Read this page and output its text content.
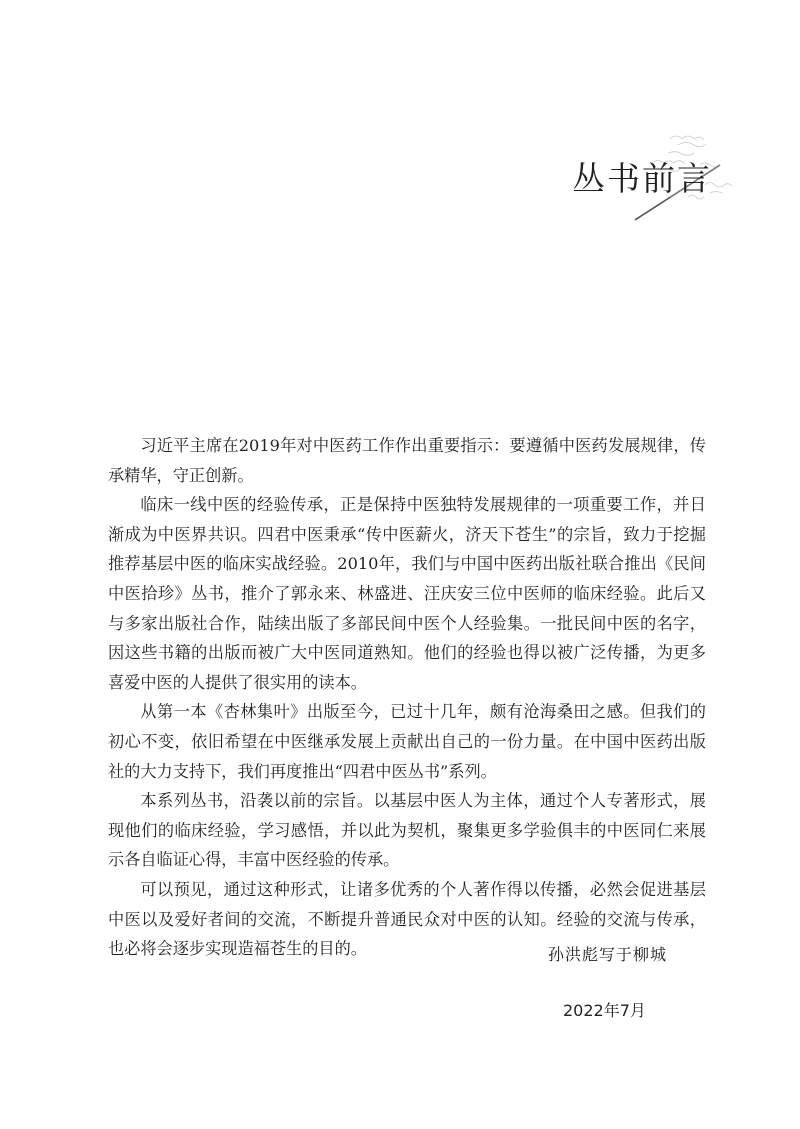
丛书前言

习近平主席在2019年对中医药工作作出重要指示：要遵循中医药发展规律，传承精华，守正创新。

临床一线中医的经验传承，正是保持中医独特发展规律的一项重要工作，并日渐成为中医界共识。四君中医秉承“传中医薪火，济天下苍生”的宗旨，致力于挖掘推荐基层中医的临床实战经验。2010年，我们与中国中医药出版社联合推出《民间中医拾珍》丛书，推介了郭永来、林盛进、汪庆安三位中医师的临床经验。此后又与多家出版社合作，陆续出版了多部民间中医个人经验集。一批民间中医的名字，因这些书籍的出版而被广大中医同道熟知。他们的经验也得以被广泛传播，为更多喜爱中医的人提供了很实用的读本。

从第一本《杏林集叶》出版至今，已过十几年，颇有沧海桑田之感。但我们的初心不变，依旧希望在中医继承发展上贡献出自己的一份力量。在中国中医药出版社的大力支持下，我们再度推出“四君中医丛书”系列。

本系列丛书，沿袭以前的宗旨。以基层中医人为主体，通过个人专著形式，展现他们的临床经验，学习感悟，并以此为契机，聚集更多学验俱丰的中医同仁来展示各自临证心得，丰富中医经验的传承。

可以预见，通过这种形式，让诸多优秀的个人著作得以传播，必然会促进基层中医以及爱好者间的交流，不断提升普通民众对中医的认知。经验的交流与传承，也必将会逐步实现造福苍生的目的。	孙洪彪写于柳城
2022年7月
